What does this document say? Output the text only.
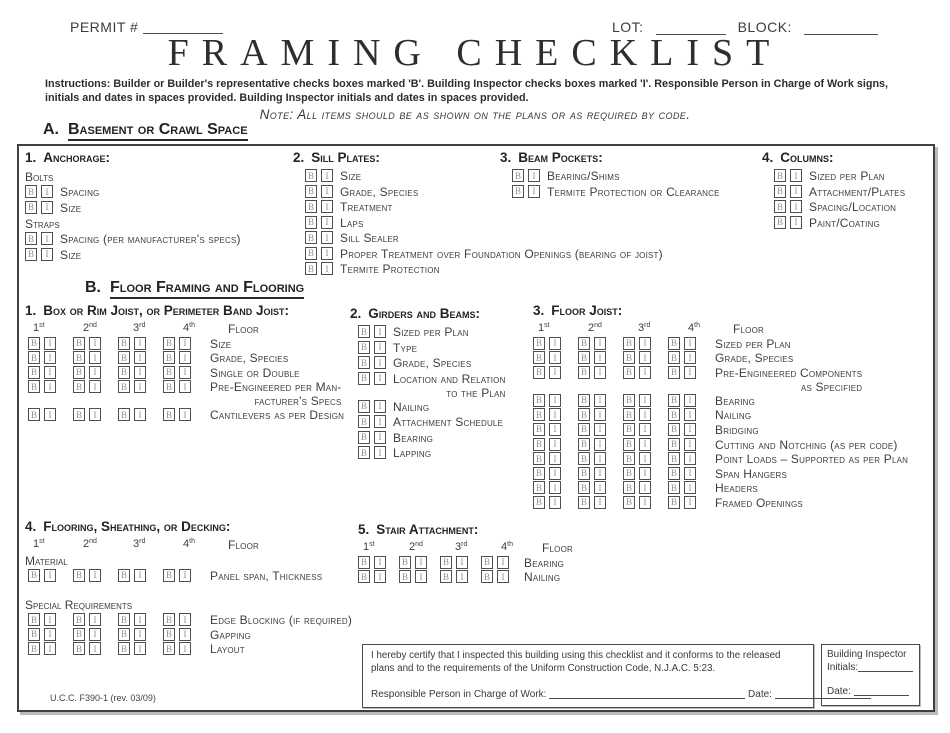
PERMIT #	LOT:	BLOCK:
FRAMING CHECKLIST
Instructions: Builder or Builder's representative checks boxes marked 'B'. Building Inspector checks boxes marked 'I'. Responsible Person in Charge of Work signs, initials and dates in spaces provided. Building Inspector initials and dates in spaces provided.
Note: All items should be as shown on the plans or as required by code.
A. Basement or Crawl Space
1. Anchorage:
Bolts
B	I Spacing
B	I Size
Straps
B	I Spacing (per manufacturer's specs)
B	I Size
2. Sill Plates:
B	I Size
B	I Grade, Species
B	I Treatment
B	I Laps
B	I Sill Sealer
B	I Proper Treatment over Foundation Openings (bearing of joist)
B	I Termite Protection
3. Beam Pockets:
B	I Bearing/Shims
B	I Termite Protection or Clearance
4. Columns:
B	I Sized per Plan
B	I Attachment/Plates
B	I Spacing/Location
B	I Paint/Coating
B. Floor Framing and Flooring
1. Box or Rim Joist, or Perimeter Band Joist:
1 st	2 nd	3 rd	4 th	Floor
B	I	B	I	B	I	B	I	Size
B	I	B	I	B	I	B	I	Grade, Species
B	I	B	I	B	I	B	I	Single or Double
B	I	B	I	B	I	B	I	Pre-Engineered per Man-
facturer's Specs
B	I	B	I	B	I	B	I	Cantilevers as per Design
2. Girders and Beams:
B	I Sized per Plan
B	I Type
B	I Grade, Species
B	I Location and Relation
to the Plan
B	I Nailing
B	I Attachment Schedule
B	I Bearing
B	I Lapping
3. Floor Joist:
1 st	2 nd	3 rd	4 th	Floor
B	I	B	I	B	I	B	I	Sized per Plan
B	I	B	I	B	I	B	I	Grade, Species
B	I	B	I	B	I	B	I	Pre-Engineered Components
as Specified
B	I	B	I	B	I	B	I	Bearing
B	I	B	I	B	I	B	I	Nailing
B	I	B	I	B	I	B	I	Bridging
B	I	B	I	B	I	B	I	Cutting and Notching (as per code)
B	I	B	I	B	I	B	I	Point Loads – Supported as per Plan
B	I	B	I	B	I	B	I	Span Hangers
B	I	B	I	B	I	B	I	Headers
B	I	B	I	B	I	B	I	Framed Openings
4. Flooring, Sheathing, or Decking:
1 st	2 nd	3 rd	4 th	Floor
Material
B	I	B	I	B	I	B	I	Panel span, Thickness
Special Requirements
B	I	B	I	B	I	B	I	Edge Blocking (if required)
B	I	B	I	B	I	B	I	Gapping
B	I	B	I	B	I	B	I	Layout
5. Stair Attachment:
1 st	2 nd	3 rd	4 th Floor
B	I	B	I	B	I	B	I	Bearing
B	I	B	I	B	I	B	I	Nailing
I hereby certify that I inspected this building using this checklist and it conforms to the released plans and to the requirements of the Uniform Construction Code, N.J.A.C. 5:23.
Responsible Person in Charge of Work:	Date:
Building Inspector
Initials:
Date:
U.C.C. F390-1 (rev. 03/09)
